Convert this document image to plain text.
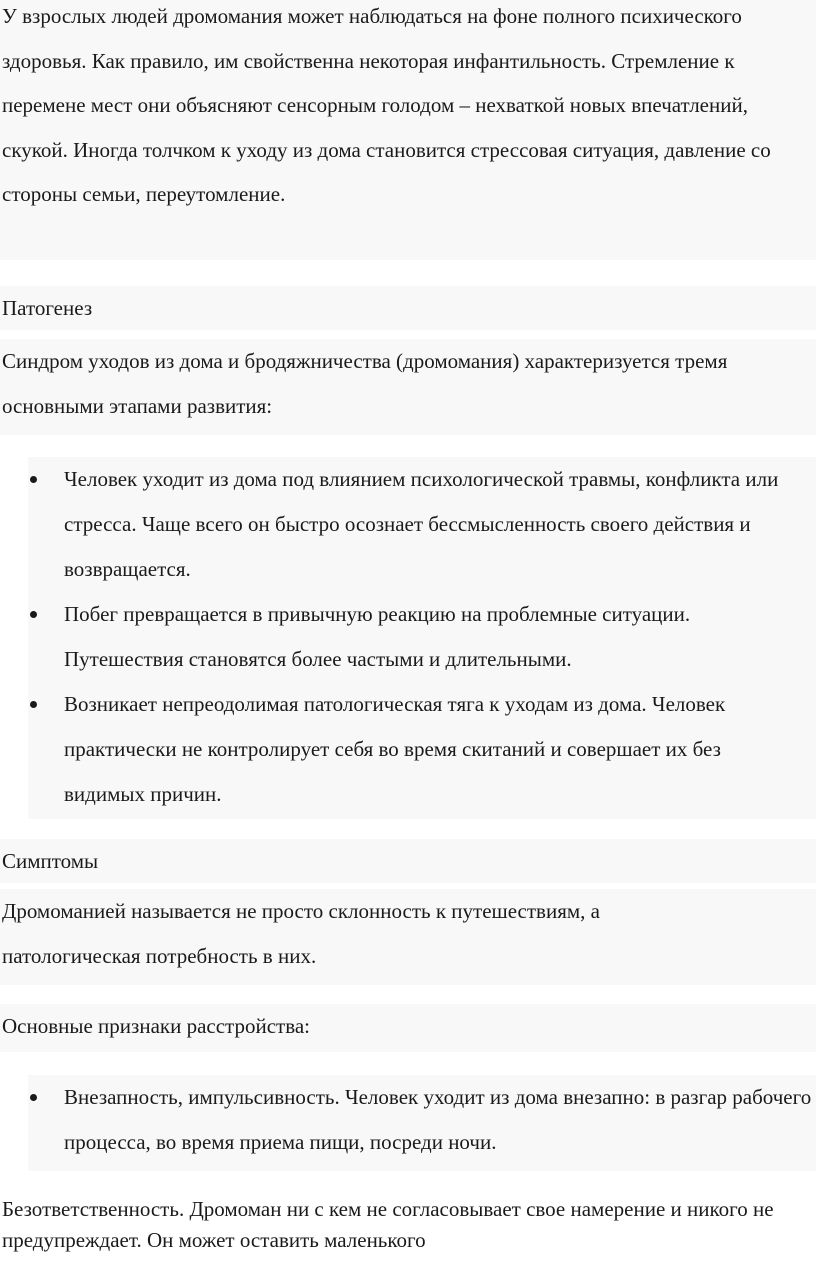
У взрослых людей дромомания может наблюдаться на фоне полного психического здоровья. Как правило, им свойственна некоторая инфантильность. Стремление к перемене мест они объясняют сенсорным голодом – нехваткой новых впечатлений, скукой. Иногда толчком к уходу из дома становится стрессовая ситуация, давление со стороны семьи, переутомление.

Патогенез

Синдром уходов из дома и бродяжничества (дромомания) характеризуется тремя основными этапами развития:

Человек уходит из дома под влиянием психологической травмы, конфликта или стресса. Чаще всего он быстро осознает бессмысленность своего действия и возвращается.
Побег превращается в привычную реакцию на проблемные ситуации. Путешествия становятся более частыми и длительными.
Возникает непреодолимая патологическая тяга к уходам из дома. Человек практически не контролирует себя во время скитаний и совершает их без видимых причин.

Симптомы

Дромоманией называется не просто склонность к путешествиям, а патологическая потребность в них.

Основные признаки расстройства:

Внезапность, импульсивность. Человек уходит из дома внезапно: в разгар рабочего процесса, во время приема пищи, посреди ночи.

Безответственность. Дромоман ни с кем не согласовывает свое намерение и никого не предупреждает. Он может оставить маленького
